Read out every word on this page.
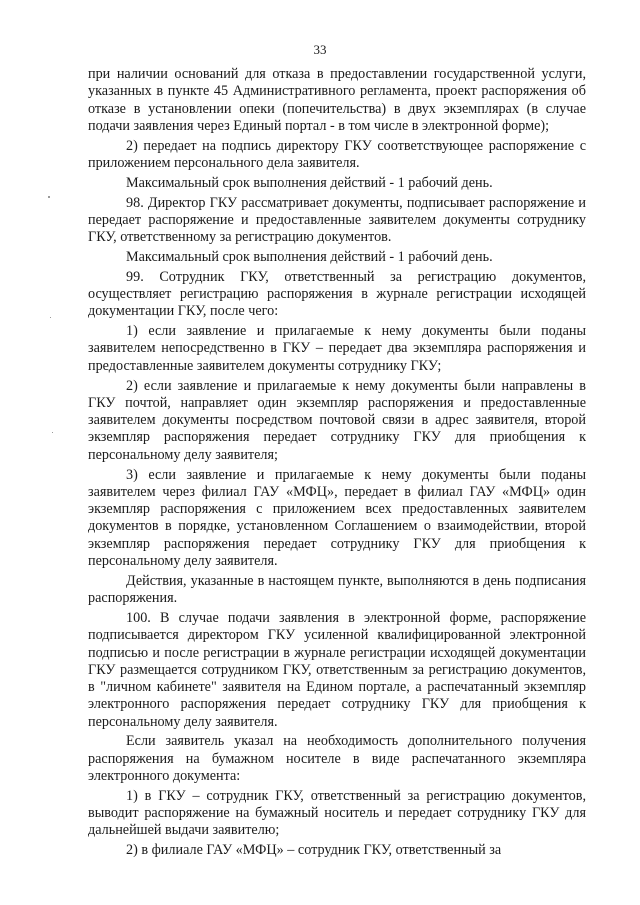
33

при наличии оснований для отказа в предоставлении государственной услуги, указанных в пункте 45 Административного регламента, проект распоряжения об отказе в установлении опеки (попечительства) в двух экземплярах (в случае подачи заявления через Единый портал - в том числе в электронной форме);

2) передает на подпись директору ГКУ соответствующее распоряжение с приложением персонального дела заявителя.

Максимальный срок выполнения действий - 1 рабочий день.

98. Директор ГКУ рассматривает документы, подписывает распоряжение и передает распоряжение и предоставленные заявителем документы сотруднику ГКУ, ответственному за регистрацию документов.

Максимальный срок выполнения действий - 1 рабочий день.

99. Сотрудник ГКУ, ответственный за регистрацию документов, осуществляет регистрацию распоряжения в журнале регистрации исходящей документации ГКУ, после чего:

1) если заявление и прилагаемые к нему документы были поданы заявителем непосредственно в ГКУ – передает два экземпляра распоряжения и предоставленные заявителем документы сотруднику ГКУ;

2) если заявление и прилагаемые к нему документы были направлены в ГКУ почтой, направляет один экземпляр распоряжения и предоставленные заявителем документы посредством почтовой связи в адрес заявителя, второй экземпляр распоряжения передает сотруднику ГКУ для приобщения к персональному делу заявителя;

3) если заявление и прилагаемые к нему документы были поданы заявителем через филиал ГАУ «МФЦ», передает в филиал ГАУ «МФЦ» один экземпляр распоряжения с приложением всех предоставленных заявителем документов в порядке, установленном Соглашением о взаимодействии, второй экземпляр распоряжения передает сотруднику ГКУ для приобщения к персональному делу заявителя.

Действия, указанные в настоящем пункте, выполняются в день подписания распоряжения.

100. В случае подачи заявления в электронной форме, распоряжение подписывается директором ГКУ усиленной квалифицированной электронной подписью и после регистрации в журнале регистрации исходящей документации ГКУ размещается сотрудником ГКУ, ответственным за регистрацию документов, в "личном кабинете" заявителя на Едином портале, а распечатанный экземпляр электронного распоряжения передает сотруднику ГКУ для приобщения к персональному делу заявителя.

Если заявитель указал на необходимость дополнительного получения распоряжения на бумажном носителе в виде распечатанного экземпляра электронного документа:

1) в ГКУ – сотрудник ГКУ, ответственный за регистрацию документов, выводит распоряжение на бумажный носитель и передает сотруднику ГКУ для дальнейшей выдачи заявителю;

2) в филиале ГАУ «МФЦ» – сотрудник ГКУ, ответственный за
